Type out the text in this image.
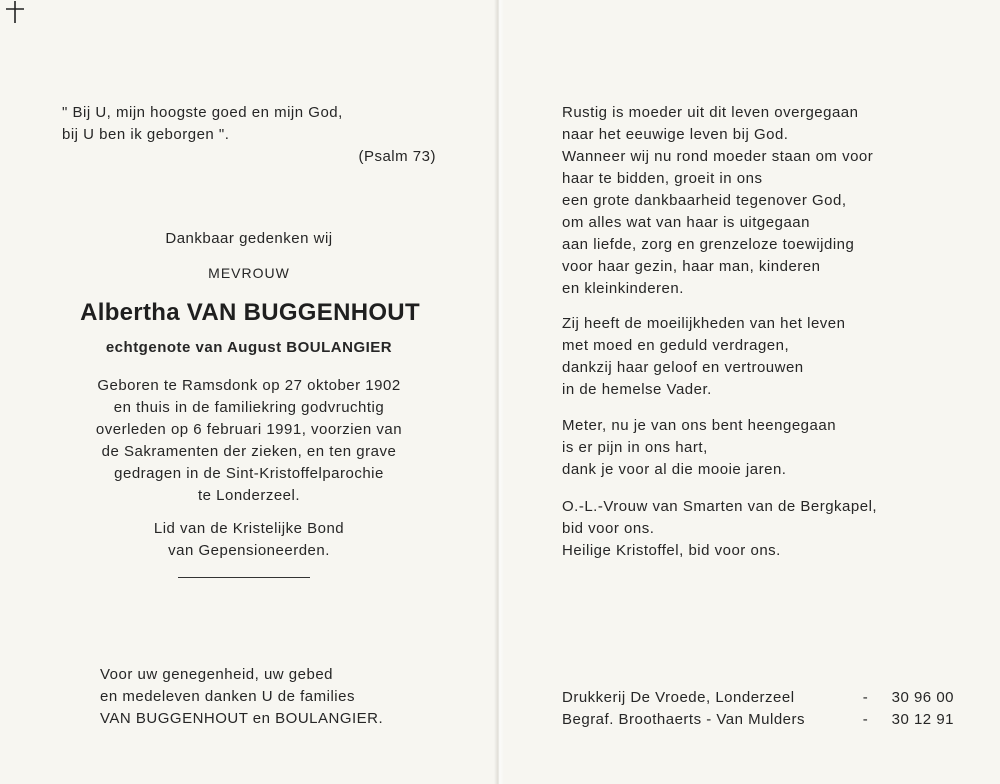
" Bij U, mijn hoogste goed en mijn God,
bij U ben ik geborgen ".
(Psalm 73)
Dankbaar gedenken wij
MEVROUW
Albertha VAN BUGGENHOUT
echtgenote van August BOULANGIER
Geboren te Ramsdonk op 27 oktober 1902
en thuis in de familiekring godvruchtig
overleden op 6 februari 1991, voorzien van
de Sakramenten der zieken, en ten grave
gedragen in de Sint-Kristoffelparochie
te Londerzeel.
Lid van de Kristelijke Bond
van Gepensioneerden.
Voor uw genegenheid, uw gebed
en medeleven danken U de families
VAN BUGGENHOUT en BOULANGIER.
Rustig is moeder uit dit leven overgegaan
naar het eeuwige leven bij God.
Wanneer wij nu rond moeder staan om voor
haar te bidden, groeit in ons
een grote dankbaarheid tegenover God,
om alles wat van haar is uitgegaan
aan liefde, zorg en grenzeloze toewijding
voor haar gezin, haar man, kinderen
en kleinkinderen.
Zij heeft de moeilijkheden van het leven
met moed en geduld verdragen,
dankzij haar geloof en vertrouwen
in de hemelse Vader.
Meter, nu je van ons bent heengegaan
is er pijn in ons hart,
dank je voor al die mooie jaren.
O.-L.-Vrouw van Smarten van de Bergkapel,
bid voor ons.
Heilige Kristoffel, bid voor ons.
Drukkerij De Vroede, Londerzeel	- 30 96 00
Begraf. Broothaerts - Van Mulders	- 30 12 91
